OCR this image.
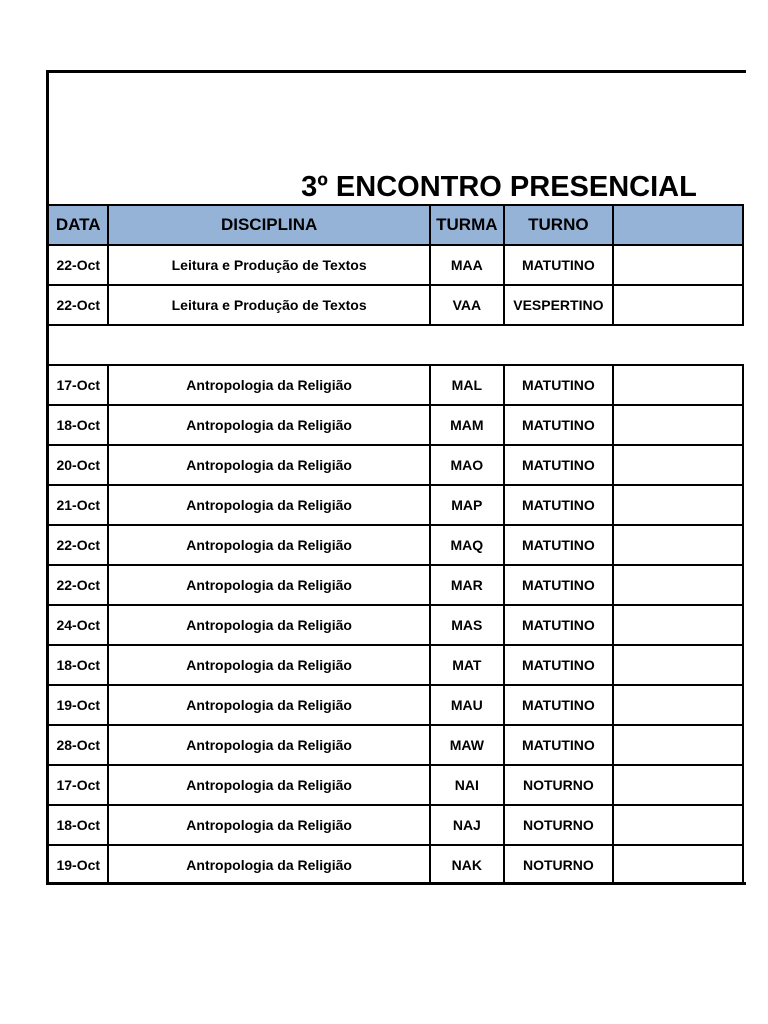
3º ENCONTRO PRESENCIAL
DATA	DISCIPLINA	TURMA	TURNO	
22-Oct	Leitura e Produção de Textos	MAA	MATUTINO	
22-Oct	Leitura e Produção de Textos	VAA	VESPERTINO	

17-Oct	Antropologia da Religião	MAL	MATUTINO	
18-Oct	Antropologia da Religião	MAM	MATUTINO	
20-Oct	Antropologia da Religião	MAO	MATUTINO	
21-Oct	Antropologia da Religião	MAP	MATUTINO	
22-Oct	Antropologia da Religião	MAQ	MATUTINO	
22-Oct	Antropologia da Religião	MAR	MATUTINO	
24-Oct	Antropologia da Religião	MAS	MATUTINO	
18-Oct	Antropologia da Religião	MAT	MATUTINO	
19-Oct	Antropologia da Religião	MAU	MATUTINO	
28-Oct	Antropologia da Religião	MAW	MATUTINO	
17-Oct	Antropologia da Religião	NAI	NOTURNO	
18-Oct	Antropologia da Religião	NAJ	NOTURNO	
19-Oct	Antropologia da Religião	NAK	NOTURNO	
